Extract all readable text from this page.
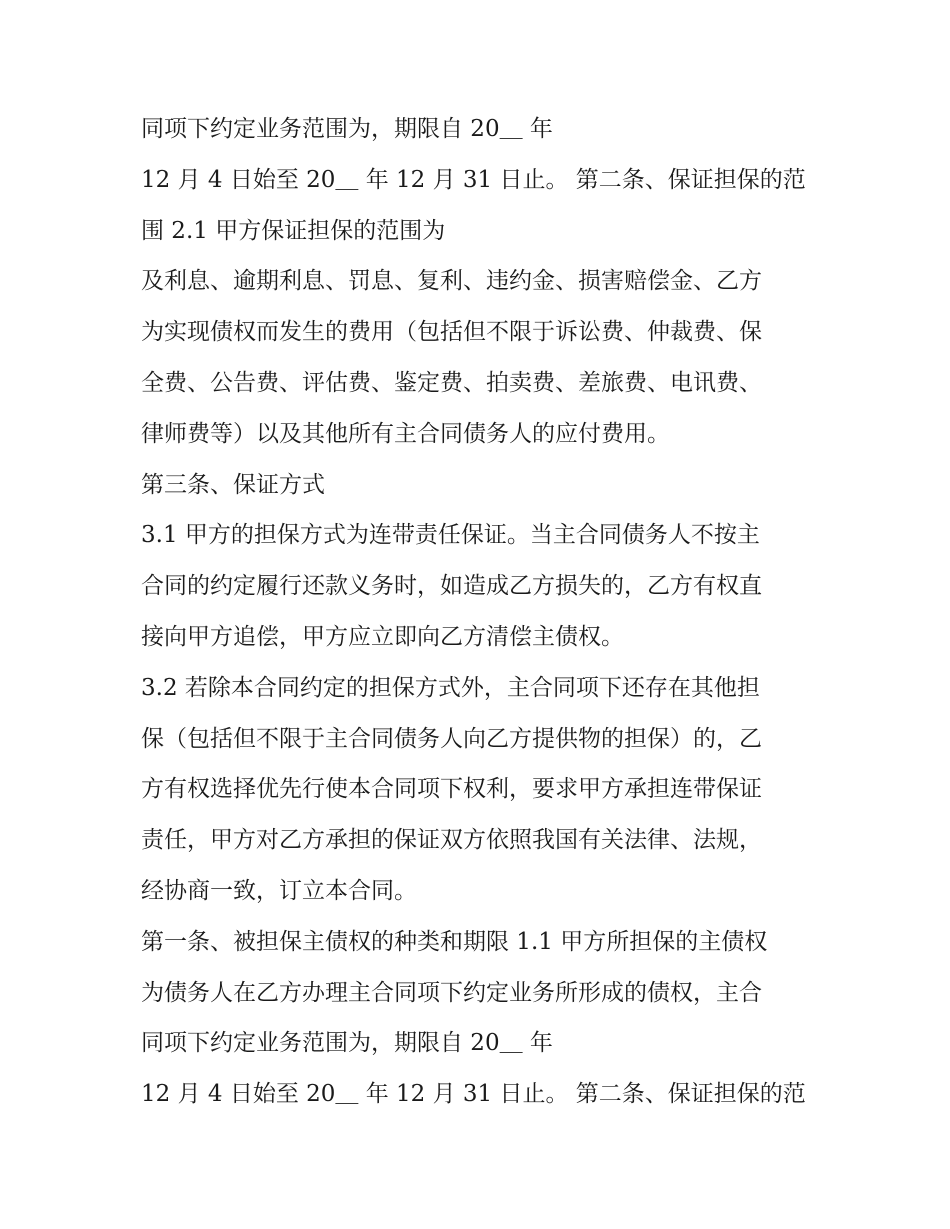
同项下约定业务范围为，期限自 20＿ 年

12 月 4 日始至 20＿ 年 12 月 31 日止。 第二条、保证担保的范

围 2.1 甲方保证担保的范围为

及利息、逾期利息、罚息、复利、违约金、损害赔偿金、乙方

为实现债权而发生的费用（包括但不限于诉讼费、仲裁费、保

全费、公告费、评估费、鉴定费、拍卖费、差旅费、电讯费、

律师费等）以及其他所有主合同债务人的应付费用。

第三条、保证方式

3.1 甲方的担保方式为连带责任保证。当主合同债务人不按主

合同的约定履行还款义务时，如造成乙方损失的，乙方有权直

接向甲方追偿，甲方应立即向乙方清偿主债权。

3.2 若除本合同约定的担保方式外，主合同项下还存在其他担

保（包括但不限于主合同债务人向乙方提供物的担保）的，乙

方有权选择优先行使本合同项下权利，要求甲方承担连带保证

责任，甲方对乙方承担的保证双方依照我国有关法律、法规，

经协商一致，订立本合同。

第一条、被担保主债权的种类和期限 1.1 甲方所担保的主债权

为债务人在乙方办理主合同项下约定业务所形成的债权，主合

同项下约定业务范围为，期限自 20＿ 年

12 月 4 日始至 20＿ 年 12 月 31 日止。 第二条、保证担保的范
